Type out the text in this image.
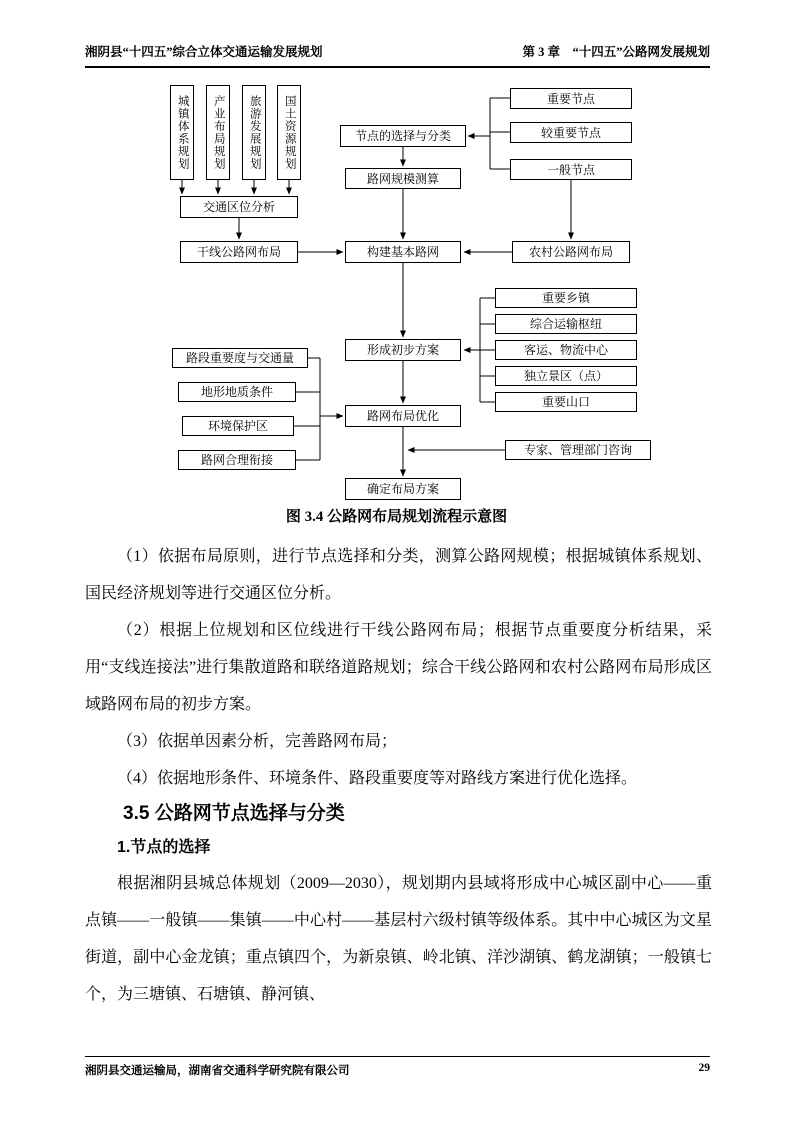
湘阴县“十四五”综合立体交通运输发展规划	第 3 章　“十四五”公路网发展规划
城镇体系规划	产业布局规划	旅游发展规划	国土资源规划	节点的选择与分类
路网规模测算
构建基本路网
形成初步方案
路网布局优化
确定布局方案
交通区位分析
干线公路网布局
重要节点
较重要节点
一般节点
农村公路网布局
重要乡镇
综合运输枢纽
客运、物流中心
独立景区（点）
重要山口
路段重要度与交通量
地形地质条件
环境保护区
路网合理衔接
专家、管理部门咨询
图 3.4 公路网布局规划流程示意图

（1）依据布局原则，进行节点选择和分类，测算公路网规模；根据城镇体系规划、国民经济规划等进行交通区位分析。

（2）根据上位规划和区位线进行干线公路网布局；根据节点重要度分析结果，采用“支线连接法”进行集散道路和联络道路规划；综合干线公路网和农村公路网布局形成区域路网布局的初步方案。

（3）依据单因素分析，完善路网布局；

（4）依据地形条件、环境条件、路段重要度等对路线方案进行优化选择。

3.5 公路网节点选择与分类

1.节点的选择

根据湘阴县城总体规划（2009—2030），规划期内县域将形成中心城区副中心——重点镇——一般镇——集镇——中心村——基层村六级村镇等级体系。其中中心城区为文星街道，副中心金龙镇；重点镇四个，为新泉镇、岭北镇、洋沙湖镇、鹤龙湖镇；一般镇七个，为三塘镇、石塘镇、静河镇、

湘阴县交通运输局，湖南省交通科学研究院有限公司	29
